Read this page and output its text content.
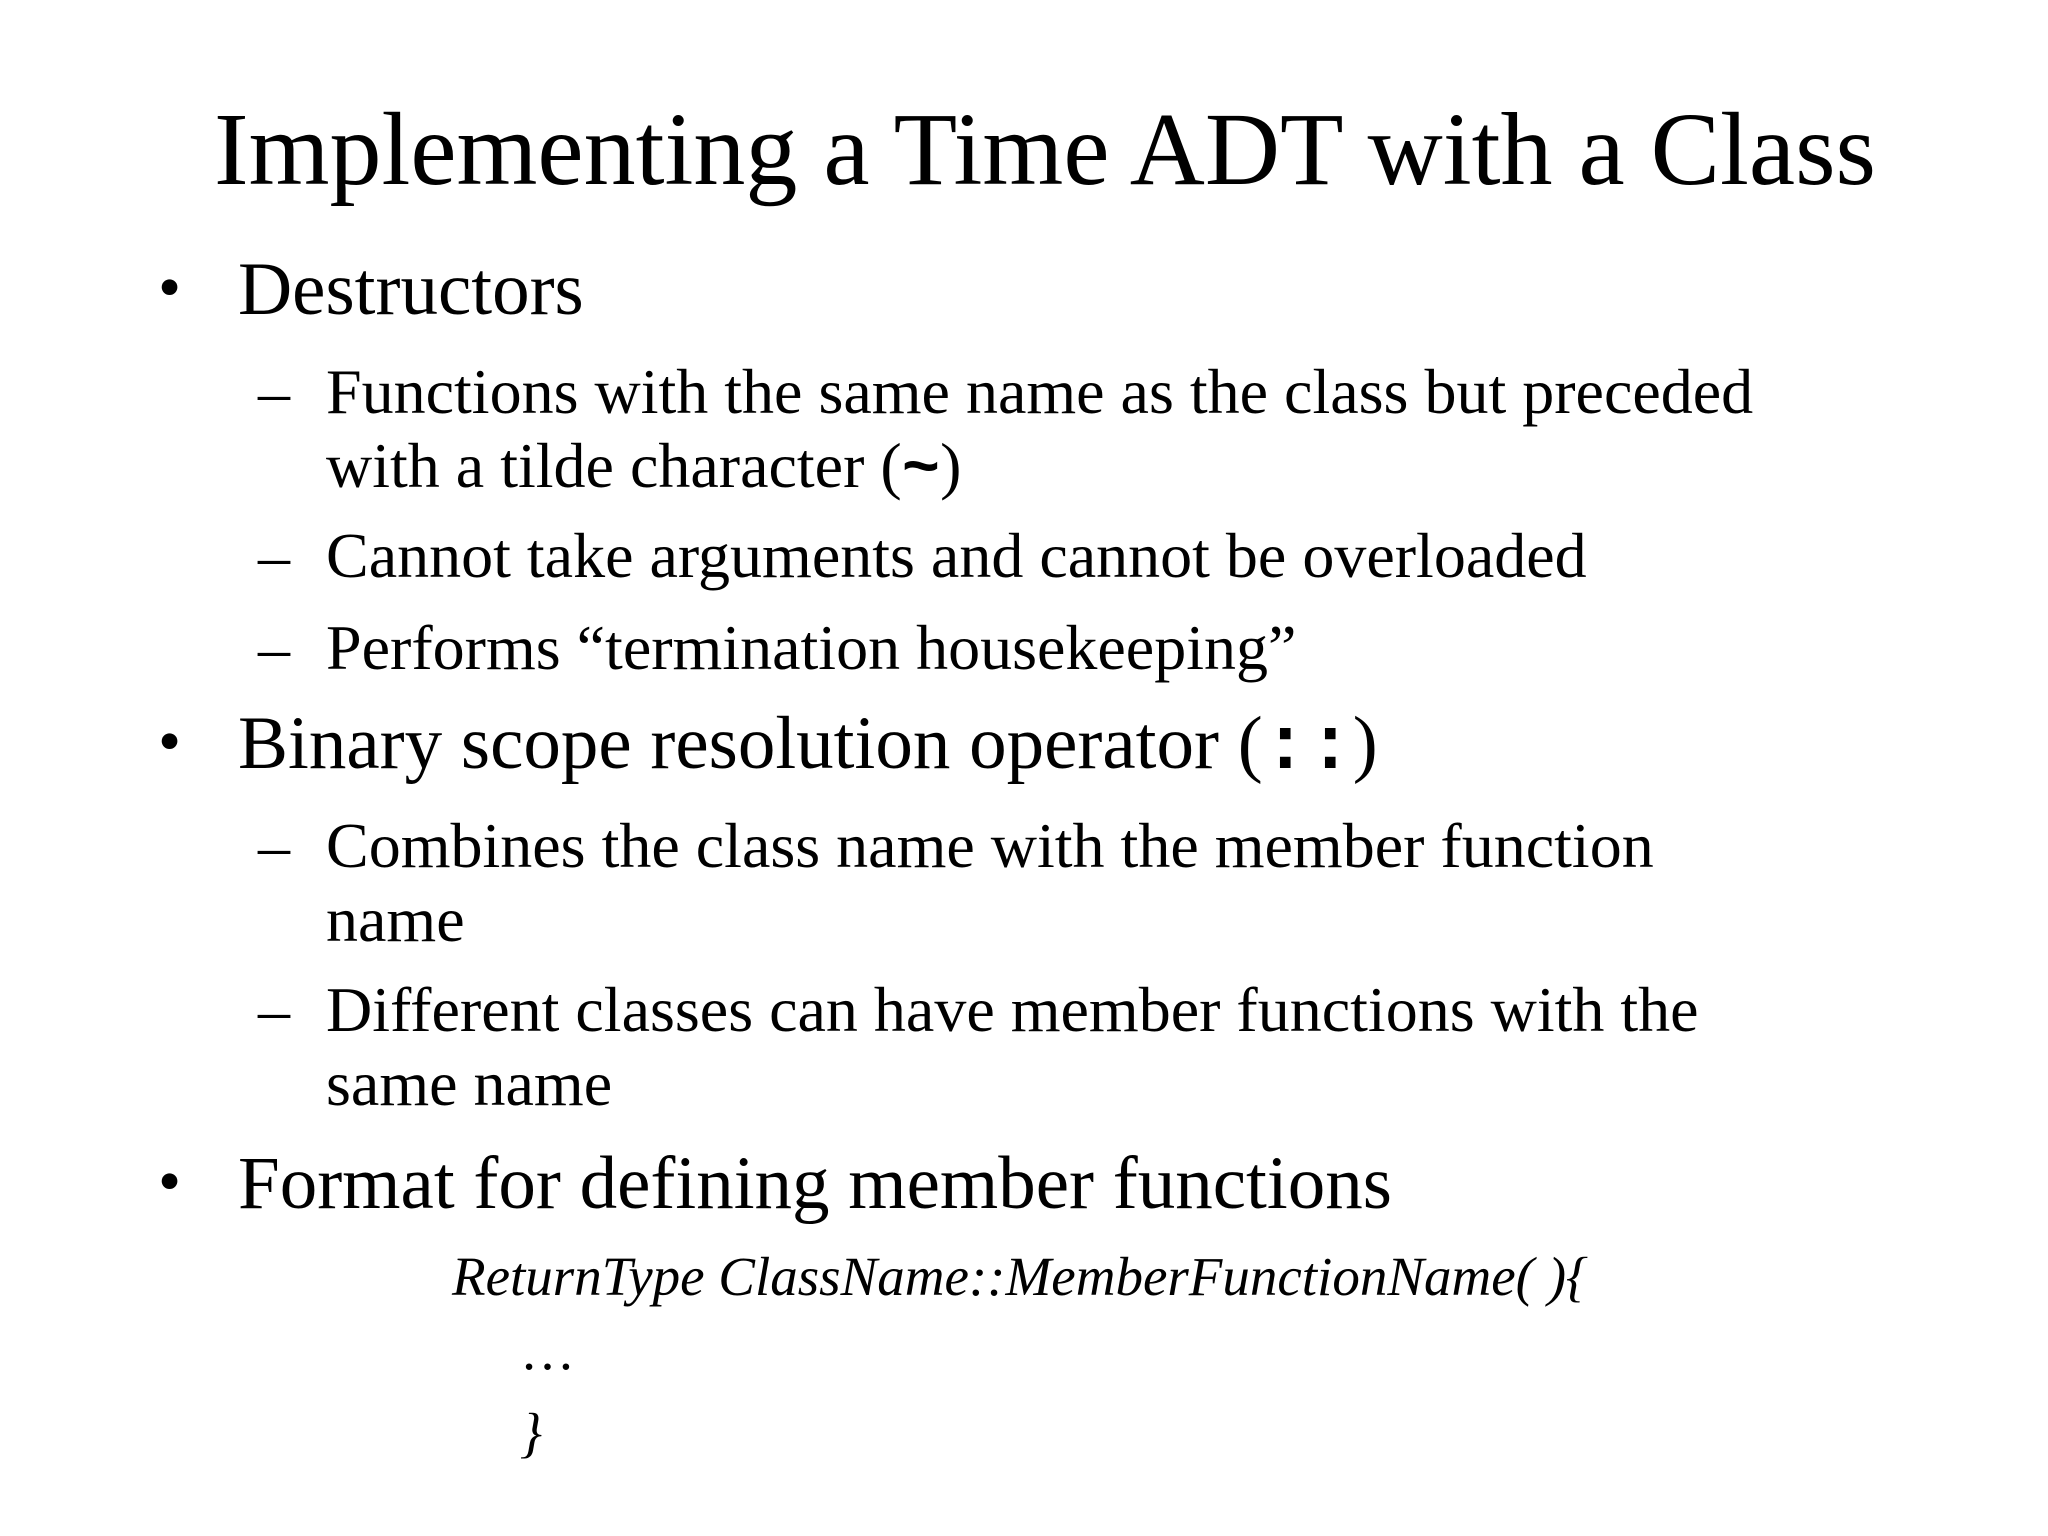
Implementing a Time ADT with a Class
• Destructors
– Functions with the same name as the class but preceded
with a tilde character (~)
– Cannot take arguments and cannot be overloaded
– Performs “termination housekeeping”
• Binary scope resolution operator (::)
– Combines the class name with the member function
name
– Different classes can have member functions with the
same name
• Format for defining member functions
ReturnType ClassName::MemberFunctionName( ){
…
}
